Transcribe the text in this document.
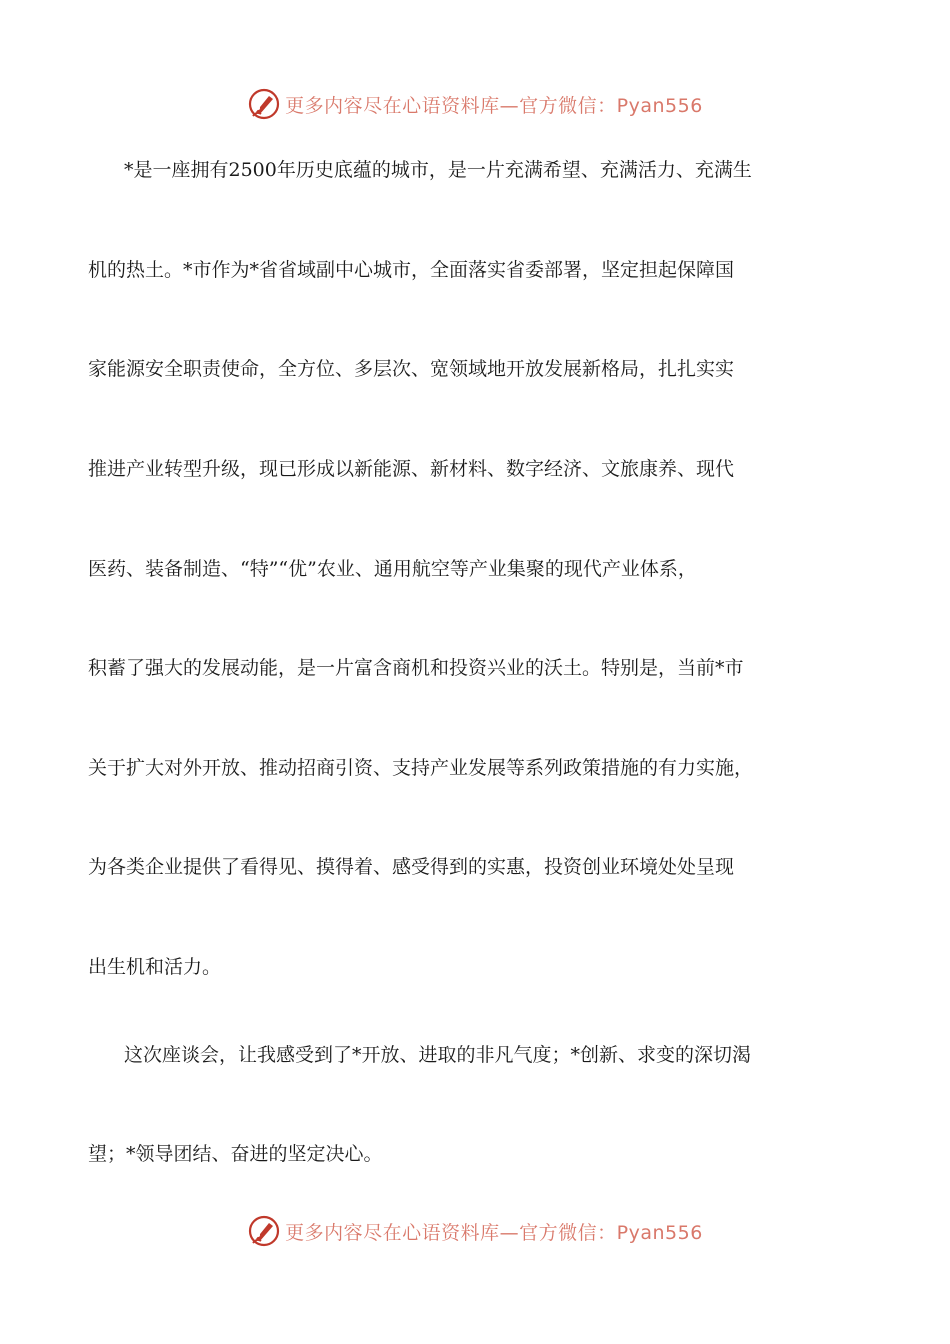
更多内容尽在心语资料库—官方微信：Pyan556
*是一座拥有2500年历史底蕴的城市，是一片充满希望、充满活力、充满生
机的热土。*市作为*省省域副中心城市，全面落实省委部署，坚定担起保障国
家能源安全职责使命，全方位、多层次、宽领域地开放发展新格局，扎扎实实
推进产业转型升级，现已形成以新能源、新材料、数字经济、文旅康养、现代
医药、装备制造、“特”“优”农业、通用航空等产业集聚的现代产业体系，
积蓄了强大的发展动能，是一片富含商机和投资兴业的沃土。特别是，当前*市
关于扩大对外开放、推动招商引资、支持产业发展等系列政策措施的有力实施，
为各类企业提供了看得见、摸得着、感受得到的实惠，投资创业环境处处呈现
出生机和活力。
这次座谈会，让我感受到了*开放、进取的非凡气度；*创新、求变的深切渴
望；*领导团结、奋进的坚定决心。
更多内容尽在心语资料库—官方微信：Pyan556
